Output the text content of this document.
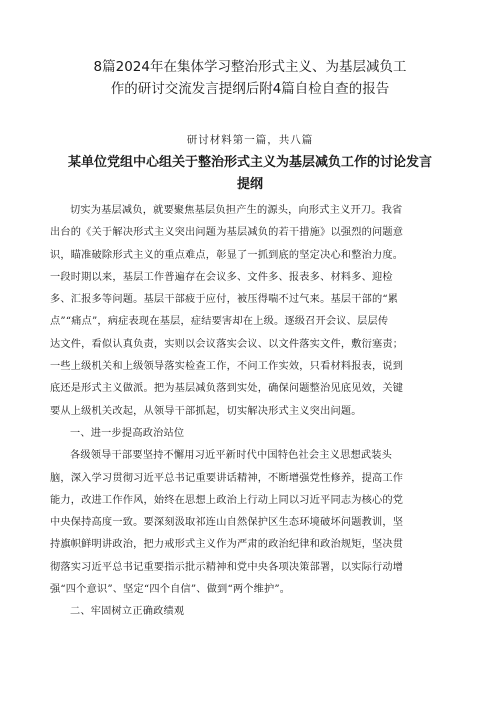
8篇2024年在集体学习整治形式主义、为基层减负工
作的研讨交流发言提纲后附4篇自检自查的报告

研讨材料第一篇，共八篇

某单位党组中心组关于整治形式主义为基层减负工作的讨论发言
提纲
切实为基层减负，就要聚焦基层负担产生的源头，向形式主义开刀。我省
出台的《关于解决形式主义突出问题为基层减负的若干措施》以强烈的问题意
识，瞄准破除形式主义的重点难点，彰显了一抓到底的坚定决心和整治力度。
一段时期以来，基层工作普遍存在会议多、文件多、报表多、材料多、迎检
多、汇报多等问题。基层干部疲于应付，被压得喘不过气来。基层干部的“累
点”“痛点”，病症表现在基层，症结要害却在上级。逐级召开会议、层层传
达文件，看似认真负责，实则以会议落实会议、以文件落实文件，敷衍塞责；
一些上级机关和上级领导落实检查工作，不问工作实效，只看材料报表，说到
底还是形式主义做派。把为基层减负落到实处，确保问题整治见底见效，关键
要从上级机关改起，从领导干部抓起，切实解决形式主义突出问题。
一、进一步提高政治站位
各级领导干部要坚持不懈用习近平新时代中国特色社会主义思想武装头
脑，深入学习贯彻习近平总书记重要讲话精神，不断增强党性修养，提高工作
能力，改进工作作风，始终在思想上政治上行动上同以习近平同志为核心的党
中央保持高度一致。要深刻汲取祁连山自然保护区生态环境破坏问题教训，坚
持旗帜鲜明讲政治，把力戒形式主义作为严肃的政治纪律和政治规矩，坚决贯
彻落实习近平总书记重要指示批示精神和党中央各项决策部署，以实际行动增
强“四个意识”、坚定“四个自信”、做到“两个维护”。
二、牢固树立正确政绩观
